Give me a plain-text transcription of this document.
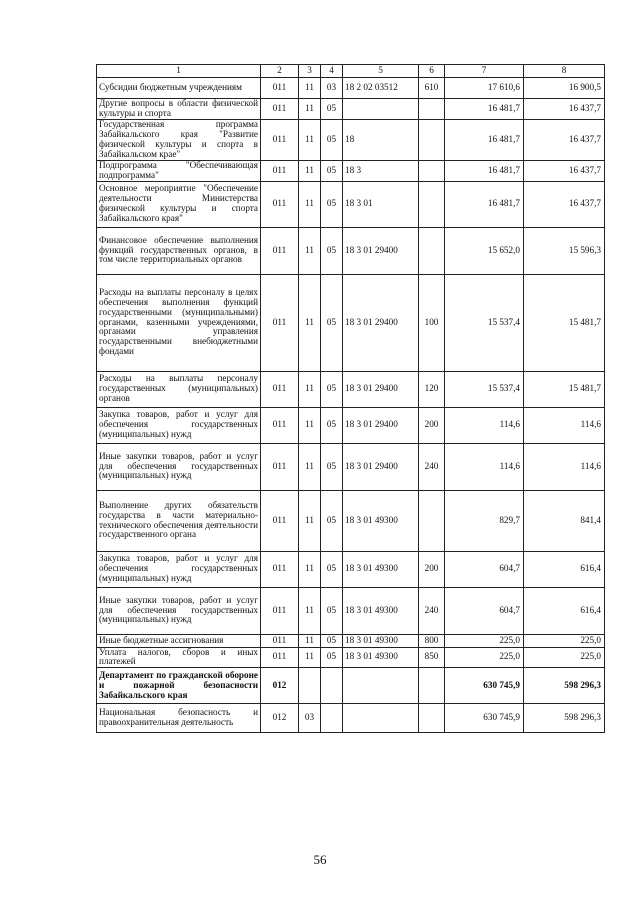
1	2	3	4	5	6	7	8
Субсидии бюджетным учреждениям	011	11	03	18 2 02 03512	610	17 610,6	16 900,5
Другие вопросы в области физической культуры и спорта	011	11	05			16 481,7	16 437,7
Государственная программа Забайкальского края "Развитие физической культуры и спорта в Забайкальском крае"	011	11	05	18		16 481,7	16 437,7
Подпрограмма "Обеспечивающая подпрограмма"	011	11	05	18 3		16 481,7	16 437,7
Основное мероприятие "Обеспечение деятельности Министерства физической культуры и спорта Забайкальского края"	011	11	05	18 3 01		16 481,7	16 437,7
Финансовое обеспечение выполнения функций государственных органов, в том числе территориальных органов	011	11	05	18 3 01 29400		15 652,0	15 596,3
Расходы на выплаты персоналу в целях обеспечения выполнения функций государственными (муниципальными) органами, казенными учреждениями, органами управления государственными внебюджетными фондами	011	11	05	18 3 01 29400	100	15 537,4	15 481,7
Расходы на выплаты персоналу государственных (муниципальных) органов	011	11	05	18 3 01 29400	120	15 537,4	15 481,7
Закупка товаров, работ и услуг для обеспечения государственных (муниципальных) нужд	011	11	05	18 3 01 29400	200	114,6	114,6
Иные закупки товаров, работ и услуг для обеспечения государственных (муниципальных) нужд	011	11	05	18 3 01 29400	240	114,6	114,6
Выполнение других обязательств государства в части материально-технического обеспечения деятельности государственного органа	011	11	05	18 3 01 49300		829,7	841,4
Закупка товаров, работ и услуг для обеспечения государственных (муниципальных) нужд	011	11	05	18 3 01 49300	200	604,7	616,4
Иные закупки товаров, работ и услуг для обеспечения государственных (муниципальных) нужд	011	11	05	18 3 01 49300	240	604,7	616,4
Иные бюджетные ассигнования	011	11	05	18 3 01 49300	800	225,0	225,0
Уплата налогов, сборов и иных платежей	011	11	05	18 3 01 49300	850	225,0	225,0
Департамент по гражданской обороне и пожарной безопасности Забайкальского края	012					630 745,9	598 296,3
Национальная безопасность и правоохранительная деятельность	012	03				630 745,9	598 296,3
56
